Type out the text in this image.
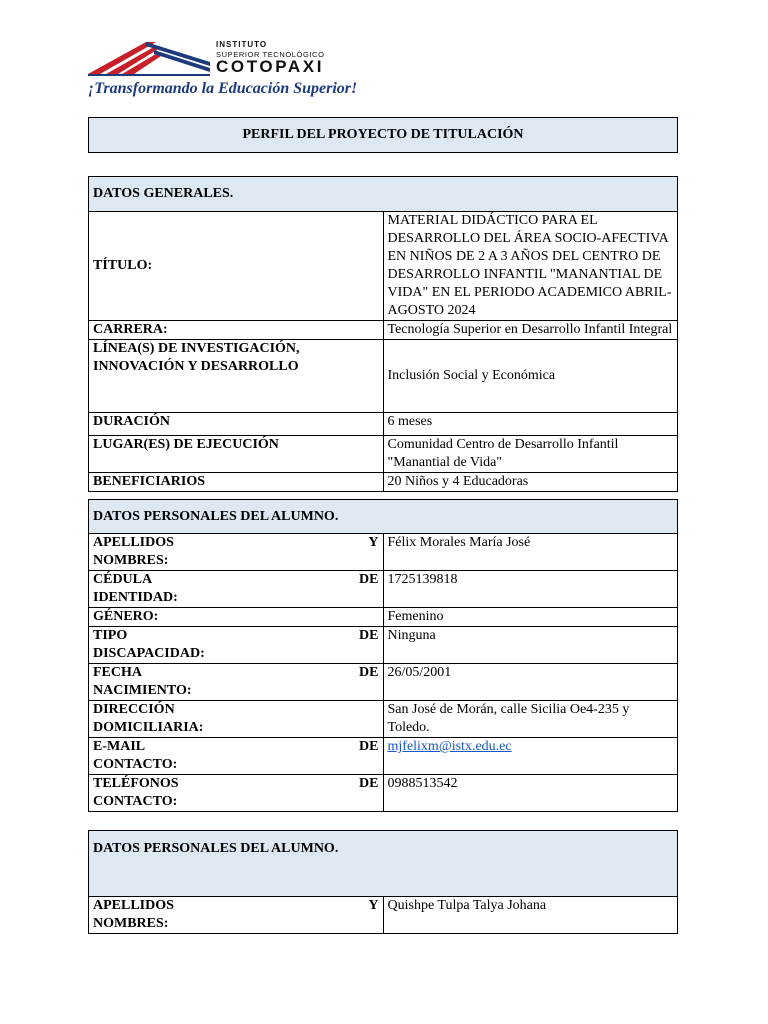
INSTITUTO
SUPERIOR TECNOLÓGICO
COTOPAXI
¡Transformando la Educación Superior!
PERFIL DEL PROYECTO DE TITULACIÓN
DATOS GENERALES.	
TÍTULO:	MATERIAL DIDÁCTICO PARA EL DESARROLLO DEL ÁREA SOCIO-AFECTIVA EN NIÑOS DE 2 A 3 AÑOS DEL CENTRO DE DESARROLLO INFANTIL "MANANTIAL DE VIDA" EN EL PERIODO ACADEMICO ABRIL-AGOSTO 2024
CARRERA:	Tecnología Superior en Desarrollo Infantil Integral
LÍNEA(S) DE INVESTIGACIÓN, INNOVACIÓN Y DESARROLLO	Inclusión Social y Económica
DURACIÓN	6 meses
LUGAR(ES) DE EJECUCIÓN	Comunidad Centro de Desarrollo Infantil "Manantial de Vida"
BENEFICIARIOS	20 Niños y 4 Educadoras
DATOS PERSONALES DEL ALUMNO.	

APELLIDOS Y
NOMBRES:	Félix Morales María José

CÉDULA DE
IDENTIDAD:	1725139818
GÉNERO:	Femenino

TIPO DE
DISCAPACIDAD:	Ninguna

FECHA DE
NACIMIENTO:	26/05/2001

DIRECCIÓN
DOMICILIARIA:	San José de Morán, calle Sicilia Oe4-235 y Toledo.

E-MAIL DE
CONTACTO:	mjfelixm@istx.edu.ec

TELÉFONOS DE
CONTACTO:	0988513542
DATOS PERSONALES DEL ALUMNO.

APELLIDOS Y
NOMBRES:	Quishpe Tulpa Talya Johana
